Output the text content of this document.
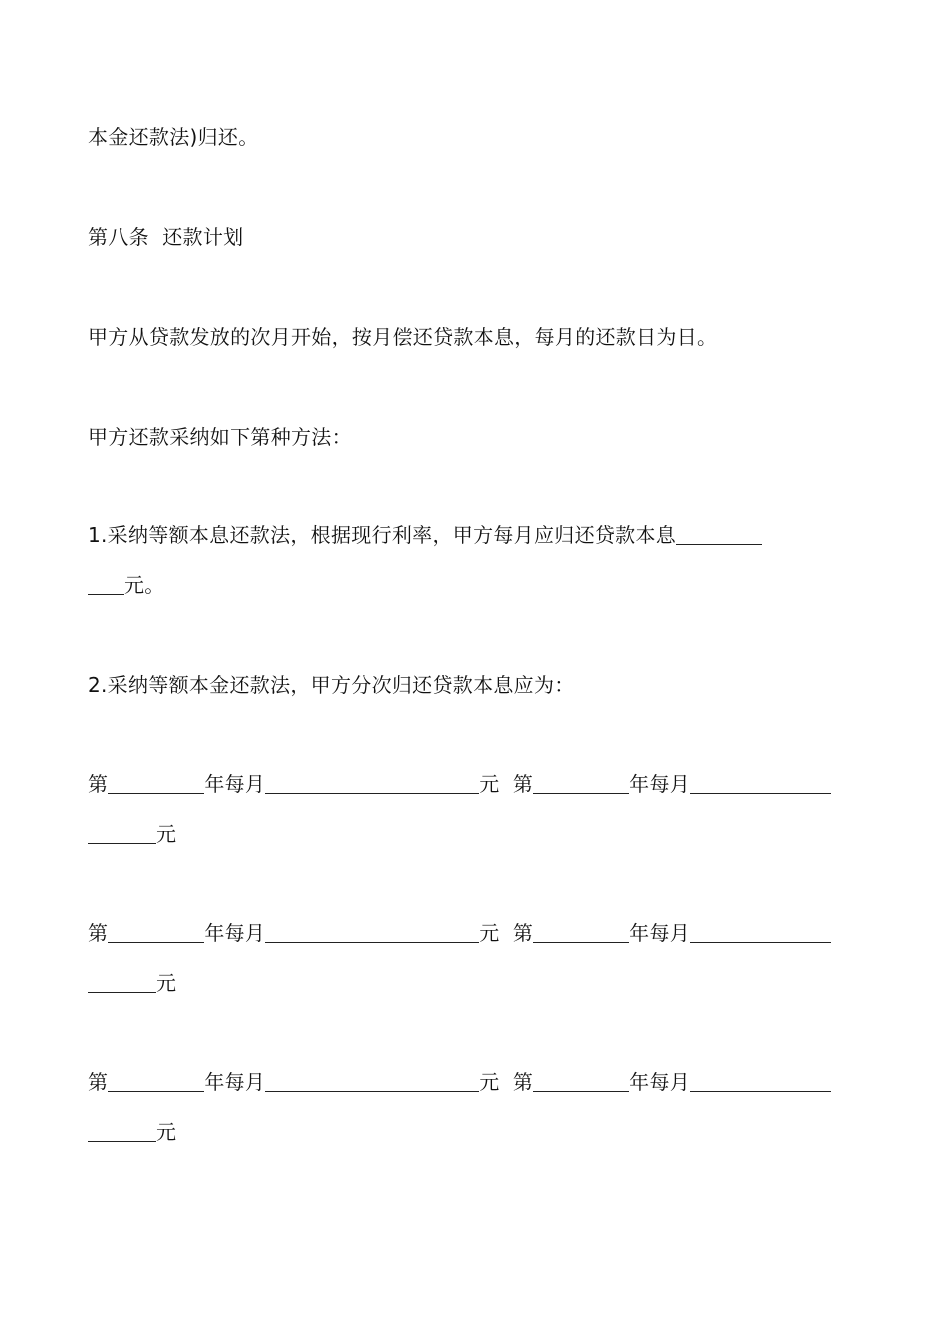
本金还款法)归还。
第八条  还款计划
甲方从贷款发放的次月开始，按月偿还贷款本息，每月的还款日为日。
甲方还款采纳如下第种方法：
1.采纳等额本息还款法，根据现行利率，甲方每月应归还贷款本息
元。
2.采纳等额本金还款法，甲方分次归还贷款本息应为：
第	年每月	元 第	年每月
元
第	年每月	元 第	年每月
元
第	年每月	元 第	年每月
元
